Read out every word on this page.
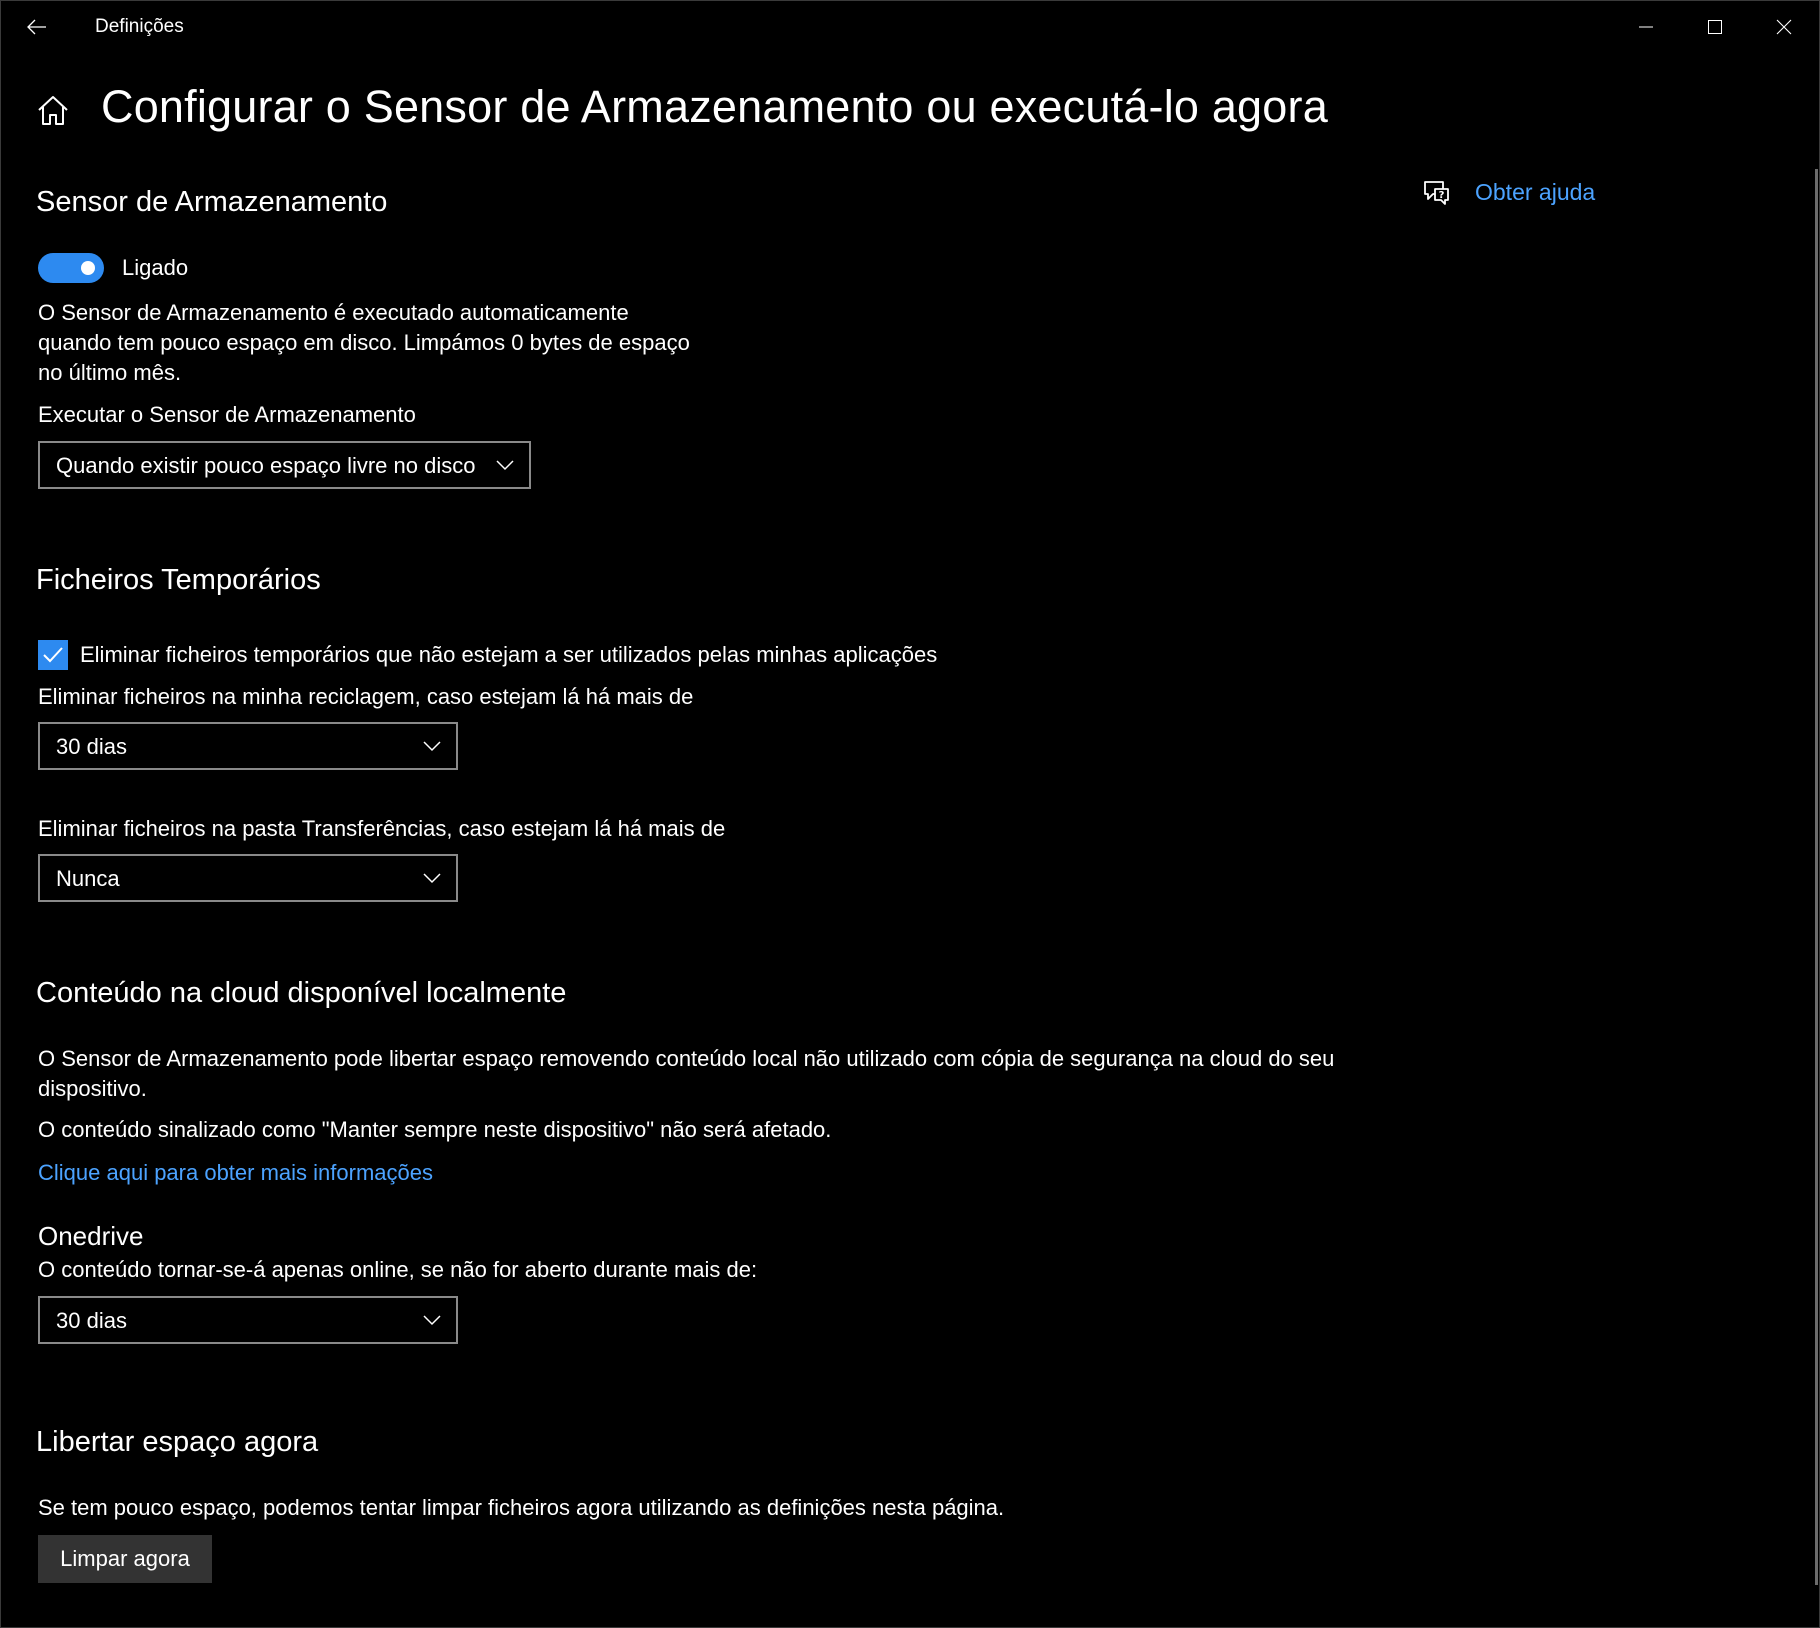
Definições
Configurar o Sensor de Armazenamento ou executá-lo agora
? Obter ajuda
Sensor de Armazenamento
Ligado
O Sensor de Armazenamento é executado automaticamente
quando tem pouco espaço em disco. Limpámos 0 bytes de espaço
no último mês.
Executar o Sensor de Armazenamento
Quando existir pouco espaço livre no disco
Ficheiros Temporários
Eliminar ficheiros temporários que não estejam a ser utilizados pelas minhas aplicações
Eliminar ficheiros na minha reciclagem, caso estejam lá há mais de
30 dias
Eliminar ficheiros na pasta Transferências, caso estejam lá há mais de
Nunca
Conteúdo na cloud disponível localmente
O Sensor de Armazenamento pode libertar espaço removendo conteúdo local não utilizado com cópia de segurança na cloud do seu
dispositivo.
O conteúdo sinalizado como "Manter sempre neste dispositivo" não será afetado.
Clique aqui para obter mais informações
Onedrive
O conteúdo tornar-se-á apenas online, se não for aberto durante mais de:
30 dias
Libertar espaço agora
Se tem pouco espaço, podemos tentar limpar ficheiros agora utilizando as definições nesta página.
Limpar agora
